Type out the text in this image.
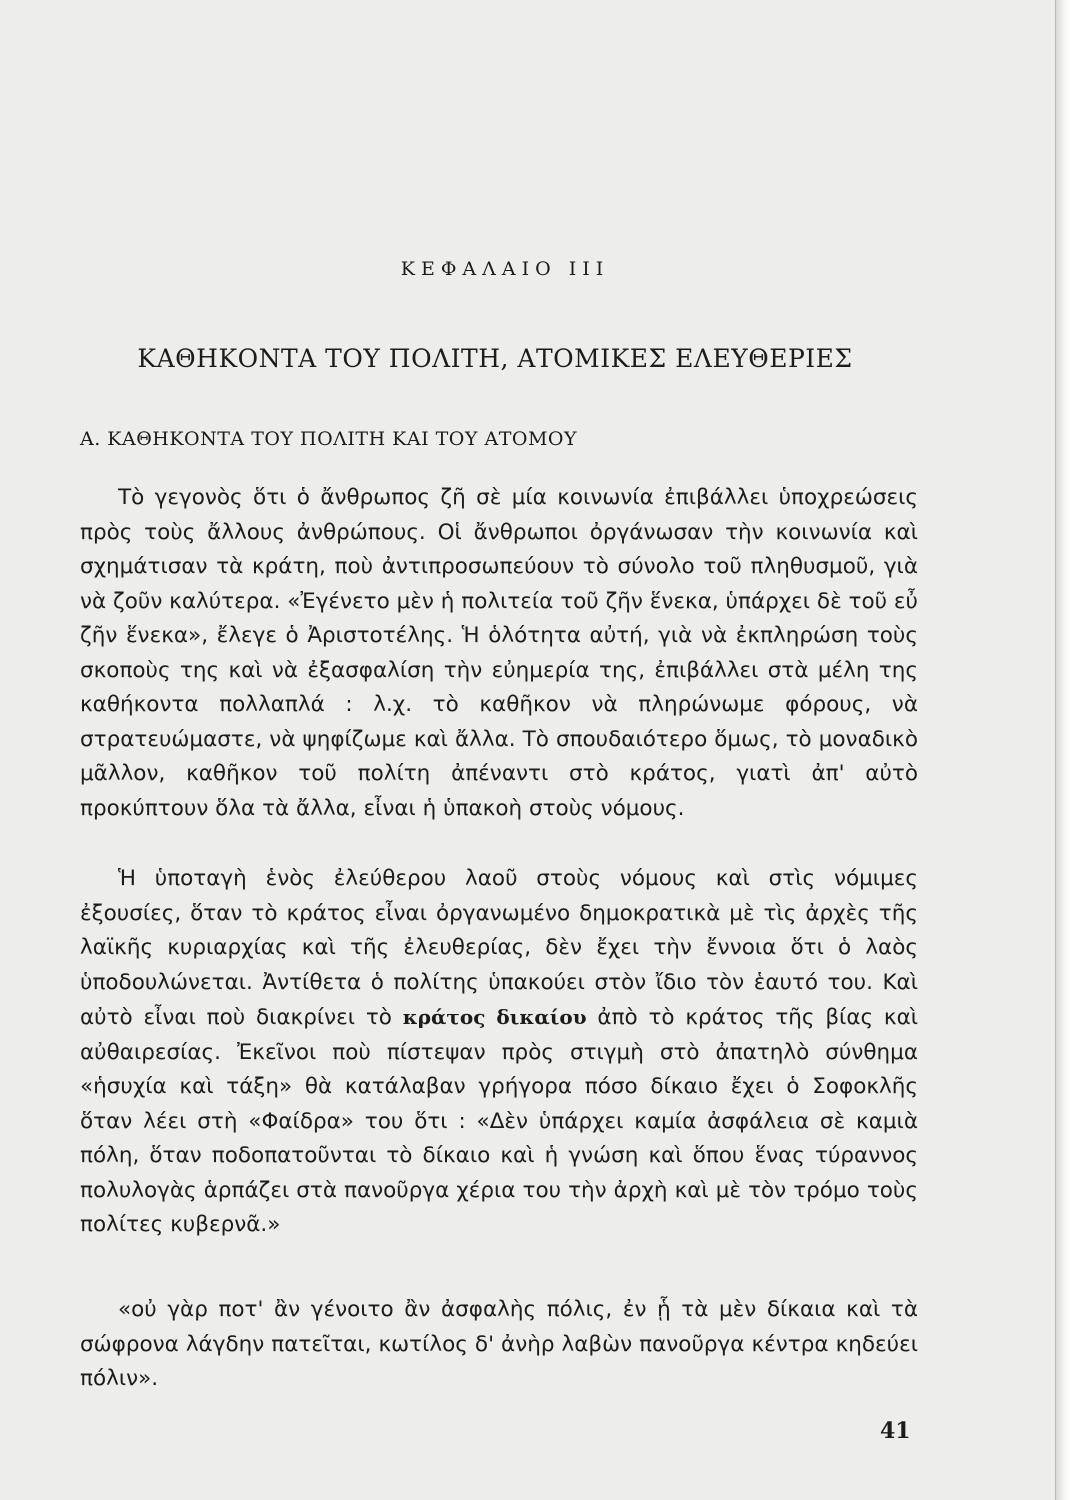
ΚΕΦΑΛΑΙΟ III
ΚΑΘΗΚΟΝΤΑ ΤΟΥ ΠΟΛΙΤΗ, ΑΤΟΜΙΚΕΣ ΕΛΕΥΘΕΡΙΕΣ
Α. ΚΑΘΗΚΟΝΤΑ ΤΟΥ ΠΟΛΙΤΗ ΚΑΙ ΤΟΥ ΑΤΟΜΟΥ

Τὸ γεγονὸς ὅτι ὁ ἄνθρωπος ζῆ σὲ μία κοινωνία ἐπιβάλλει ὑποχρεώσεις πρὸς τοὺς ἄλλους ἀνθρώπους. Οἱ ἄνθρωποι ὀργάνωσαν τὴν κοινωνία καὶ σχημάτισαν τὰ κράτη, ποὺ ἀντιπροσωπεύουν τὸ σύνολο τοῦ πληθυσμοῦ, γιὰ νὰ ζοῦν καλύτερα. «Ἐγένετο μὲν ἡ πολιτεία τοῦ ζῆν ἕνεκα, ὑπάρχει δὲ τοῦ εὖ ζῆν ἕνεκα», ἔλεγε ὁ Ἀριστοτέλης. Ἡ ὁλότητα αὐτή, γιὰ νὰ ἐκπληρώση τοὺς σκοποὺς της καὶ νὰ ἐξασφαλίση τὴν εὐημερία της, ἐπιβάλλει στὰ μέλη της καθήκοντα πολλαπλά : λ.χ. τὸ καθῆκον νὰ πληρώνωμε φόρους, νὰ στρατευώμαστε, νὰ ψηφίζωμε καὶ ἄλλα. Τὸ σπουδαιότερο ὅμως, τὸ μοναδικὸ μᾶλλον, καθῆκον τοῦ πολίτη ἀπέναντι στὸ κράτος, γιατὶ ἀπ' αὐτὸ προκύπτουν ὅλα τὰ ἄλλα, εἶναι ἡ ὑπακοὴ στοὺς νόμους.

Ἡ ὑποταγὴ ἑνὸς ἐλεύθερου λαοῦ στοὺς νόμους καὶ στὶς νόμιμες ἐξουσίες, ὅταν τὸ κράτος εἶναι ὀργανωμένο δημοκρατικὰ μὲ τὶς ἀρχὲς τῆς λαϊκῆς κυριαρχίας καὶ τῆς ἐλευθερίας, δὲν ἔχει τὴν ἔννοια ὅτι ὁ λαὸς ὑποδουλώνεται. Ἀντίθετα ὁ πολίτης ὑπακούει στὸν ἴδιο τὸν ἑαυτό του. Καὶ αὐτὸ εἶναι ποὺ διακρίνει τὸ κράτος δικαίου ἀπὸ τὸ κράτος τῆς βίας καὶ αὐθαιρεσίας. Ἐκεῖνοι ποὺ πίστεψαν πρὸς στιγμὴ στὸ ἀπατηλὸ σύνθημα «ἡσυχία καὶ τάξη» θὰ κατάλαβαν γρήγορα πόσο δίκαιο ἔχει ὁ Σοφοκλῆς ὅταν λέει στὴ «Φαίδρα» του ὅτι : «Δὲν ὑπάρχει καμία ἀσφάλεια σὲ καμιὰ πόλη, ὅταν ποδοπατοῦνται τὸ δίκαιο καὶ ἡ γνώση καὶ ὅπου ἕνας τύραννος πολυλογὰς ἁρπάζει στὰ πανοῦργα χέρια του τὴν ἀρχὴ καὶ μὲ τὸν τρόμο τοὺς πολίτες κυβερνᾶ.»

«οὐ γὰρ ποτ' ἂν γένοιτο ἂν ἀσφαλὴς πόλις, ἐν ᾗ τὰ μὲν δίκαια καὶ τὰ σώφρονα λάγδην πατεῖται, κωτίλος δ' ἀνὴρ λαβὼν πανοῦργα κέντρα κηδεύει πόλιν».

41
